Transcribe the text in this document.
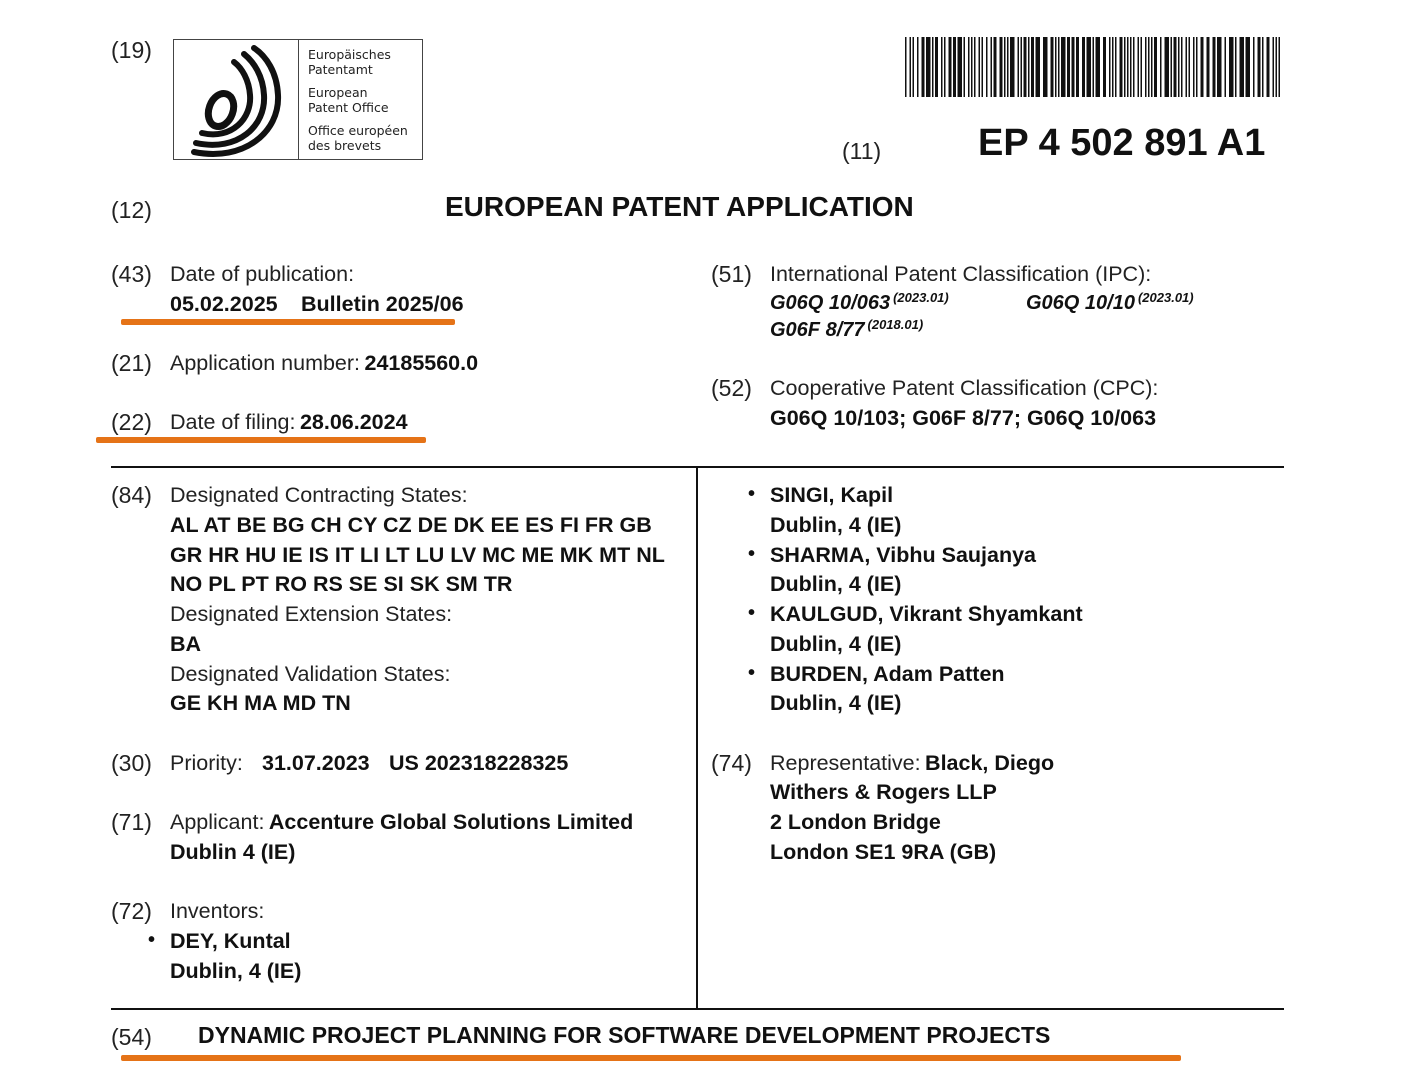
(19)	Europäisches
Patentamt
European
Patent Office
Office européen
des brevets	(11)	EP 4 502 891 A1
(12)	EUROPEAN PATENT APPLICATION
(43) Date of publication:
05.02.2025 Bulletin 2025/06
(21) Application number: 24185560.0
(22) Date of filing: 28.06.2024
(51) International Patent Classification (IPC):
G06Q 10/063 $^{(2023.01)}$	G06Q 10/10 $^{(2023.01)}$
G06F 8/77 $^{(2018.01)}$
(52) Cooperative Patent Classification (CPC):
G06Q 10/103; G06F 8/77; G06Q 10/063
(84) Designated Contracting States:
AL AT BE BG CH CY CZ DE DK EE ES FI FR GB
GR HR HU IE IS IT LI LT LU LV MC ME MK MT NL
NO PL PT RO RS SE SI SK SM TR
Designated Extension States:
BA
Designated Validation States:
GE KH MA MD TN
(30) Priority: 31.07.2023 US 202318228325
(71) Applicant: Accenture Global Solutions Limited
Dublin 4 (IE)
(72) Inventors:
• DEY, Kuntal
Dublin, 4 (IE)
• SINGI, Kapil
Dublin, 4 (IE)
• SHARMA, Vibhu Saujanya
Dublin, 4 (IE)
• KAULGUD, Vikrant Shyamkant
Dublin, 4 (IE)
• BURDEN, Adam Patten
Dublin, 4 (IE)
(74) Representative: Black, Diego
Withers & Rogers LLP
2 London Bridge
London SE1 9RA (GB)
(54) DYNAMIC PROJECT PLANNING FOR SOFTWARE DEVELOPMENT PROJECTS
